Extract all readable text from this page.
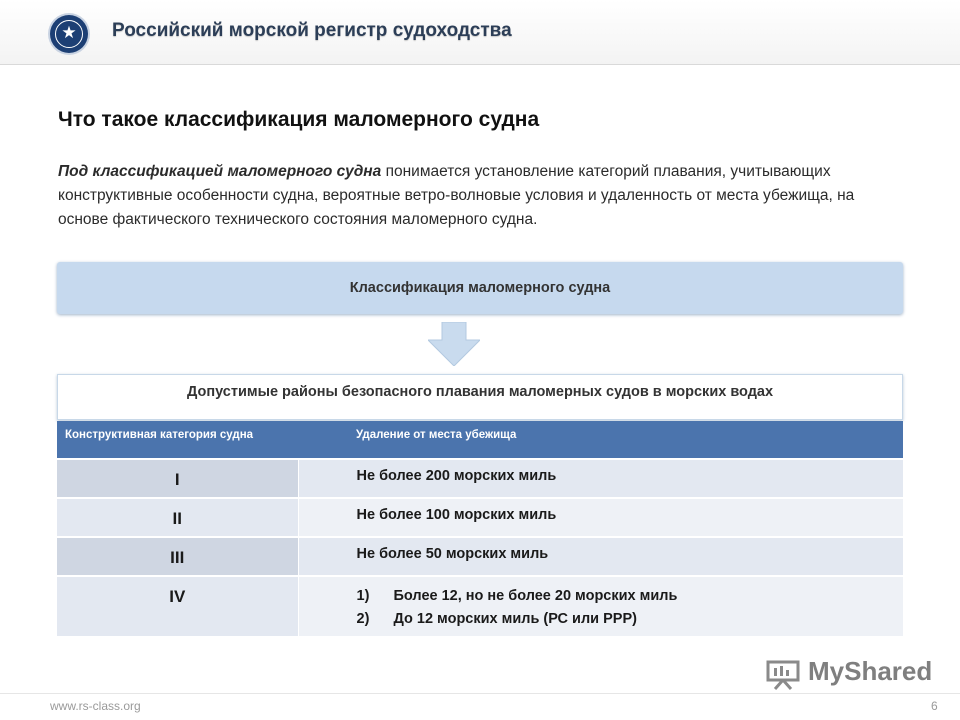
★	Российский морской регистр судоходства
Что такое классификация маломерного судна
Под классификацией маломерного судна понимается установление категорий плавания, учитывающих конструктивные особенности судна, вероятные ветро-волновые условия и удаленность от места убежища, на основе фактического технического состояния маломерного судна.
Классификация маломерного судна
Допустимые районы безопасного плавания маломерных судов в морских водах
Конструктивная категория судна	Удаление от места убежища
I	Не более 200 морских миль
II	Не более 100 морских миль
III	Не более 50 морских миль
IV	1) Более 12, но не более 20 морских миль
2) До 12 морских миль (РС или РРР)
MyShared
www.rs-class.org	6
